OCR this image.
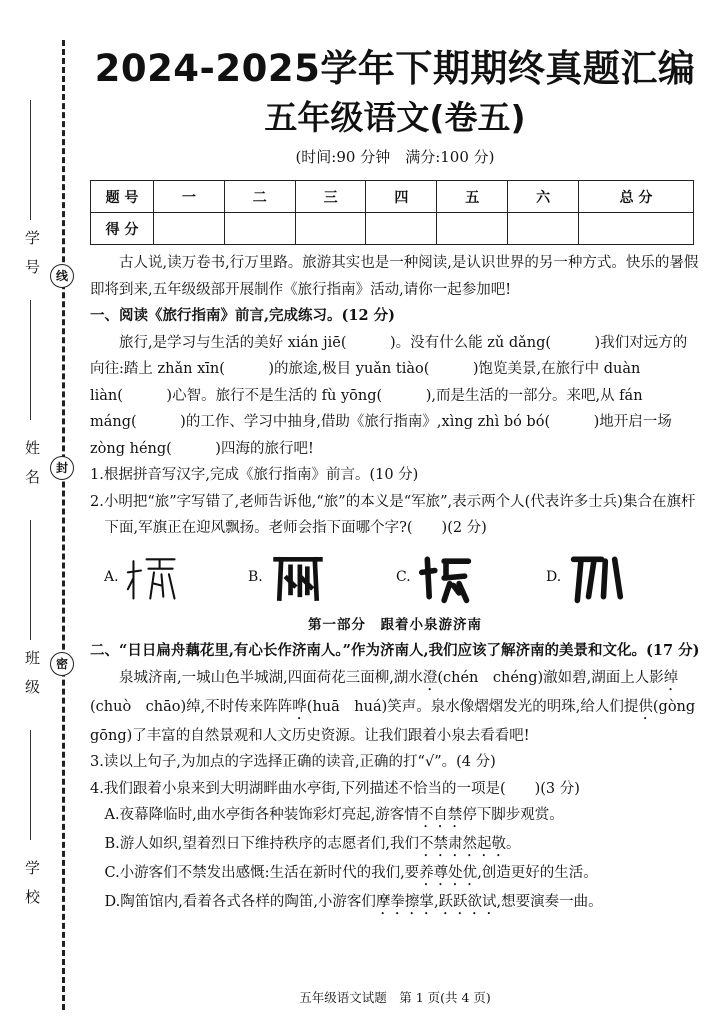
学号
姓名
班级
学校
线
封
密
2024-2025学年下期期终真题汇编
五年级语文(卷五)
(时间:90 分钟　满分:100 分)
题 号	一	二	三	四	五	六	总 分
得 分							

古人说,读万卷书,行万里路。旅游其实也是一种阅读,是认识世界的另一种方式。快乐的暑假即将到来,五年级级部开展制作《旅行指南》活动,请你一起参加吧!

一、阅读《旅行指南》前言,完成练习。(12 分)

旅行,是学习与生活的美好 xián jiē(　　　)。没有什么能 zǔ dǎng(　　　)我们对远方的向往:踏上 zhǎn xīn(　　　)的旅途,极目 yuǎn tiào(　　　)饱览美景,在旅行中 duàn liàn(　　　)心智。旅行不是生活的 fù yōng(　　　),而是生活的一部分。来吧,从 fán máng(　　　)的工作、学习中抽身,借助《旅行指南》,xìng zhì bó bó(　　　)地开启一场 zòng héng(　　　)四海的旅行吧!

1.根据拼音写汉字,完成《旅行指南》前言。(10 分)

2.小明把“旅”字写错了,老师告诉他,“旅”的本义是“军旅”,表示两个人(代表许多士兵)集合在旗杆下面,军旗正在迎风飘扬。老师会指下面哪个字?(　　)(2 分)

A.	B.	C.	D.

第一部分　跟着小泉游济南

二、“日日扁舟藕花里,有心长作济南人。”作为济南人,我们应该了解济南的美景和文化。(17 分)

泉城济南,一城山色半城湖,四面荷花三面柳,湖水澄(chén　chéng)澈如碧,湖面上人影绰(chuò　chāo)绰,不时传来阵阵哗(huā　huá)笑声。泉水像熠熠发光的明珠,给人们提供(gòng　gōng)了丰富的自然景观和人文历史资源。让我们跟着小泉去看看吧!

3.读以上句子,为加点的字选择正确的读音,正确的打“√”。(4 分)

4.我们跟着小泉来到大明湖畔曲水亭街,下列描述不恰当的一项是(　　)(3 分)

A.夜幕降临时,曲水亭街各种装饰彩灯亮起,游客情不自禁停下脚步观赏。

B.游人如织,望着烈日下维持秩序的志愿者们,我们不禁肃然起敬。

C.小游客们不禁发出感慨:生活在新时代的我们,要养尊处优,创造更好的生活。

D.陶笛馆内,看着各式各样的陶笛,小游客们摩拳擦掌,跃跃欲试,想要演奏一曲。

五年级语文试题　第 1 页(共 4 页)
